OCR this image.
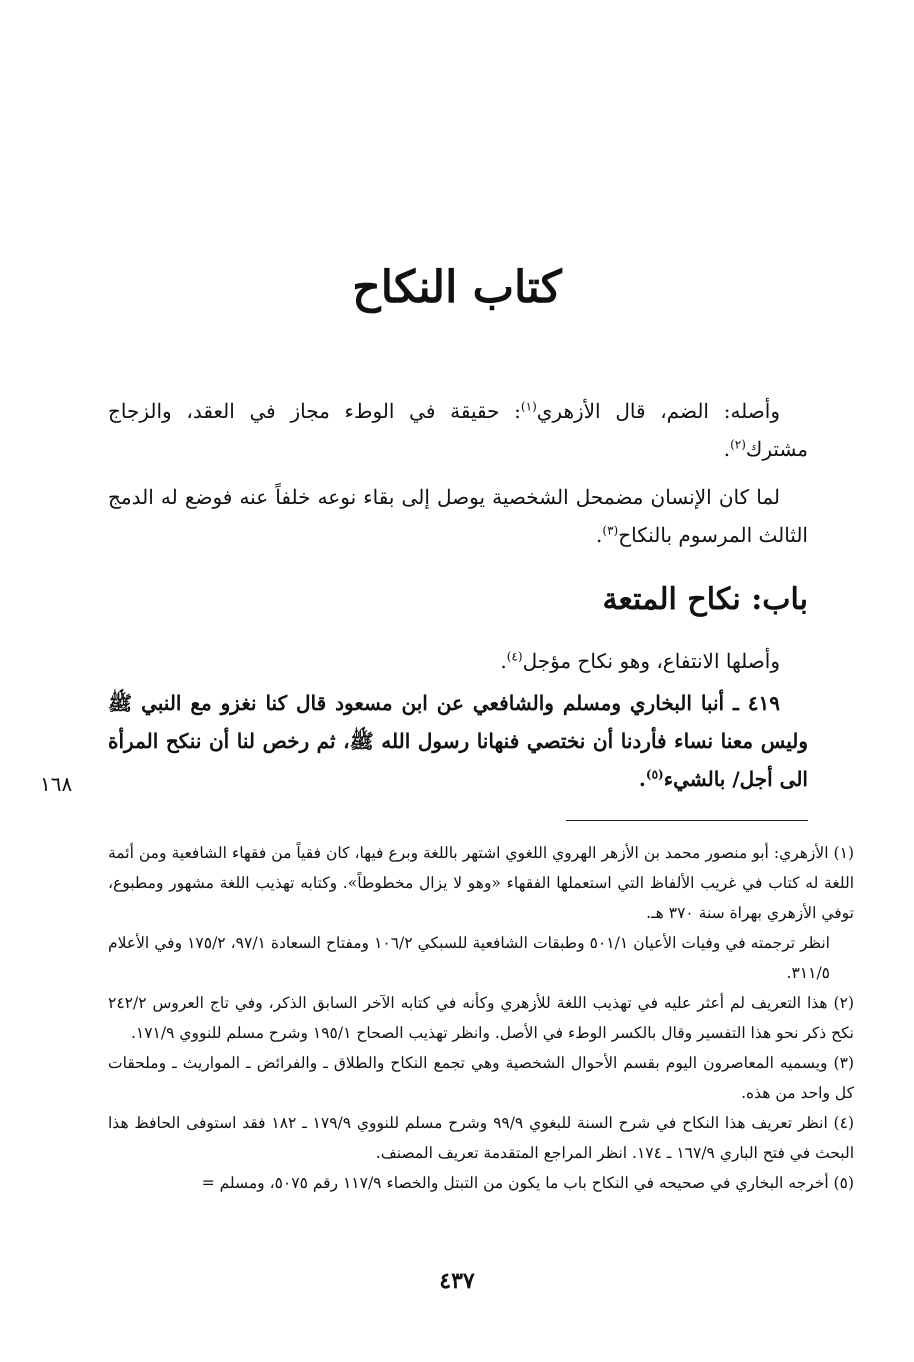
كتاب النكاح

وأصله: الضم، قال الأزهري$^{(١)}$: حقيقة في الوطء مجاز في العقد، والزجاج مشترك$^{(٢)}$.

لما كان الإنسان مضمحل الشخصية يوصل إلى بقاء نوعه خلفاً عنه فوضع له الدمج الثالث المرسوم بالنكاح$^{(٣)}$.

باب: نكاح المتعة

وأصلها الانتفاع، وهو نكاح مؤجل$^{(٤)}$.

٤١٩ ـ أنبا البخاري ومسلم والشافعي عن ابن مسعود قال كنا نغزو مع النبي ﷺ وليس معنا نساء فأردنا أن نختصي فنهانا رسول الله ﷺ، ثم رخص لنا أن ننكح المرأة الى أجل/ بالشيء$^{(٥)}$.

١٦٨

(١) الأزهري: أبو منصور محمد بن الأزهر الهروي اللغوي اشتهر باللغة وبرع فيها، كان فقياً من فقهاء الشافعية ومن أئمة اللغة له كتاب في غريب الألفاظ التي استعملها الفقهاء «وهو لا يزال مخطوطاً». وكتابه تهذيب اللغة مشهور ومطبوع، توفي الأزهري بهراة سنة ٣٧٠ هـ.

انظر ترجمته في وفيات الأعيان ٥٠١/١ وطبقات الشافعية للسبكي ١٠٦/٢ ومفتاح السعادة ٩٧/١، ١٧٥/٢ وفي الأعلام ٣١١/٥.

(٢) هذا التعريف لم أعثر عليه في تهذيب اللغة للأزهري وكأنه في كتابه الآخر السابق الذكر، وفي تاج العروس ٢٤٢/٢ نكح ذكر نحو هذا التفسير وقال بالكسر الوطء في الأصل. وانظر تهذيب الصحاح ١٩٥/١ وشرح مسلم للنووي ١٧١/٩.

(٣) ويسميه المعاصرون اليوم بقسم الأحوال الشخصية وهي تجمع النكاح والطلاق ـ والفرائض ـ المواريث ـ وملحقات كل واحد من هذه.

(٤) انظر تعريف هذا النكاح في شرح السنة للبغوي ٩٩/٩ وشرح مسلم للنووي ١٧٩/٩ ـ ١٨٢ فقد استوفى الحافظ هذا البحث في فتح الباري ١٦٧/٩ ـ ١٧٤. انظر المراجع المتقدمة تعريف المصنف.

(٥) أخرجه البخاري في صحيحه في النكاح باب ما يكون من التبتل والخصاء ١١٧/٩ رقم ٥٠٧٥، ومسلم =

٤٣٧
